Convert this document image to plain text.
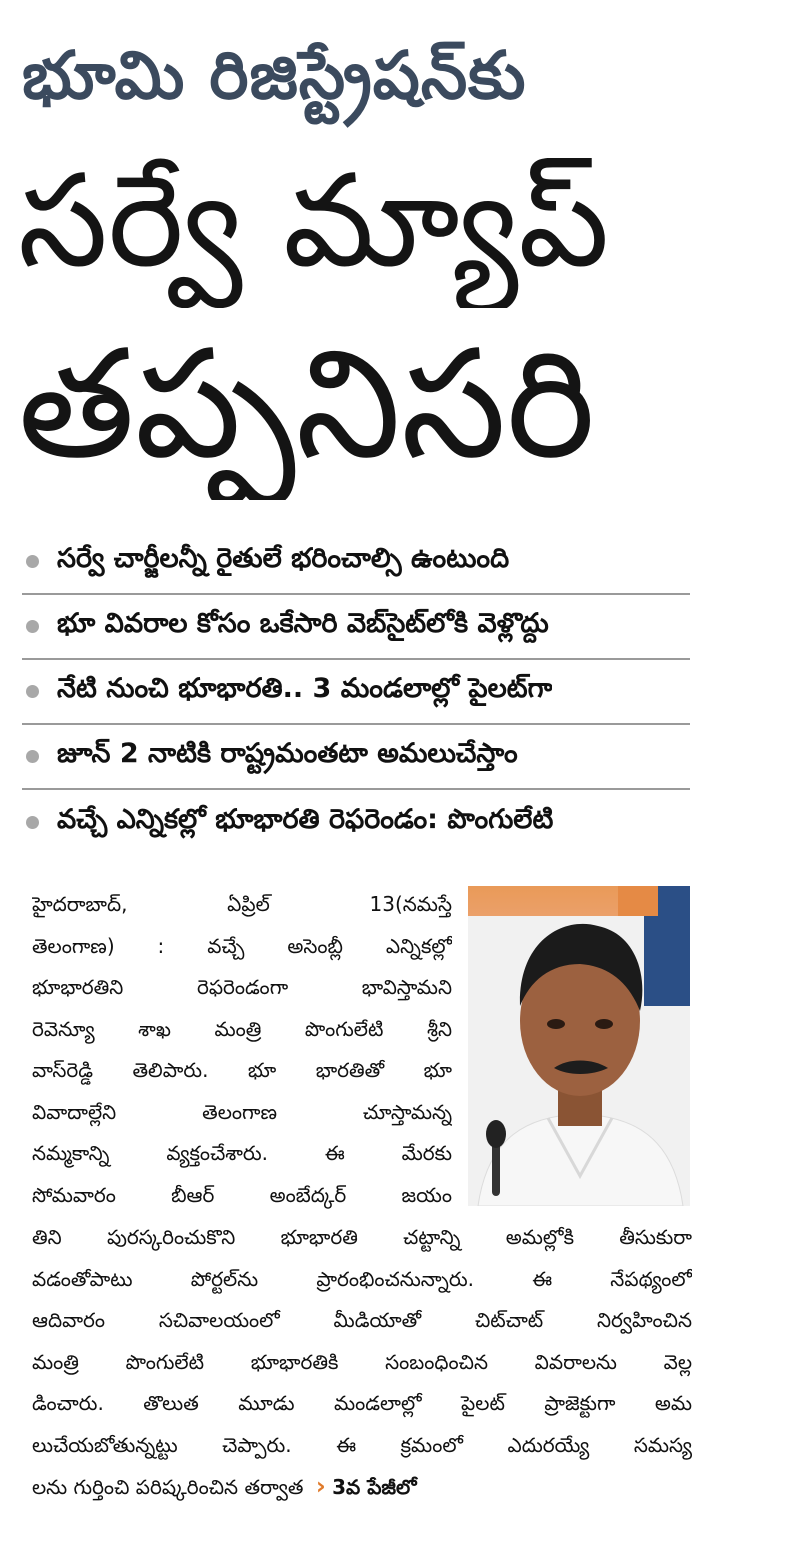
భూమి రిజిస్ట్రేషన్‌కు
సర్వే మ్యాప్
తప్పనిసరి
సర్వే చార్జీలన్నీ రైతులే భరించాల్సి ఉంటుంది
భూ వివరాల కోసం ఒకేసారి వెబ్‌సైట్‌లోకి వెళ్లొద్దు
నేటి నుంచి భూభారతి.. 3 మండలాల్లో పైలట్‌గా
జూన్ 2 నాటికి రాష్ట్రమంతటా అమలుచేస్తాం
వచ్చే ఎన్నికల్లో భూభారతి రెఫరెండం: పొంగులేటి
హైదరాబాద్, ఏప్రిల్ 13(నమస్తే
తెలంగాణ) : వచ్చే అసెంబ్లీ ఎన్నికల్లో
భూభారతిని రెఫరెండంగా భావిస్తామని
రెవెన్యూ శాఖ మంత్రి పొంగులేటి శ్రీని
వాస్‌రెడ్డి తెలిపారు. భూ భారతితో భూ
వివాదాల్లేని తెలంగాణ చూస్తామన్న
నమ్మకాన్ని వ్యక్తంచేశారు. ఈ మేరకు
సోమవారం బీఆర్ అంబేద్కర్ జయం
తిని పురస్కరించుకొని భూభారతి చట్టాన్ని అమల్లోకి తీసుకురా
వడంతోపాటు పోర్టల్‌ను ప్రారంభించనున్నారు. ఈ నేపథ్యంలో
ఆదివారం సచివాలయంలో మీడియాతో చిట్‌చాట్ నిర్వహించిన
మంత్రి పొంగులేటి భూభారతికి సంబంధించిన వివరాలను వెల్ల
డించారు. తొలుత మూడు మండలాల్లో పైలట్ ప్రాజెక్టుగా అమ
లుచేయబోతున్నట్టు చెప్పారు. ఈ క్రమంలో ఎదురయ్యే సమస్య
లను గుర్తించి పరిష్కరించిన తర్వాత › 3వ పేజీలో
